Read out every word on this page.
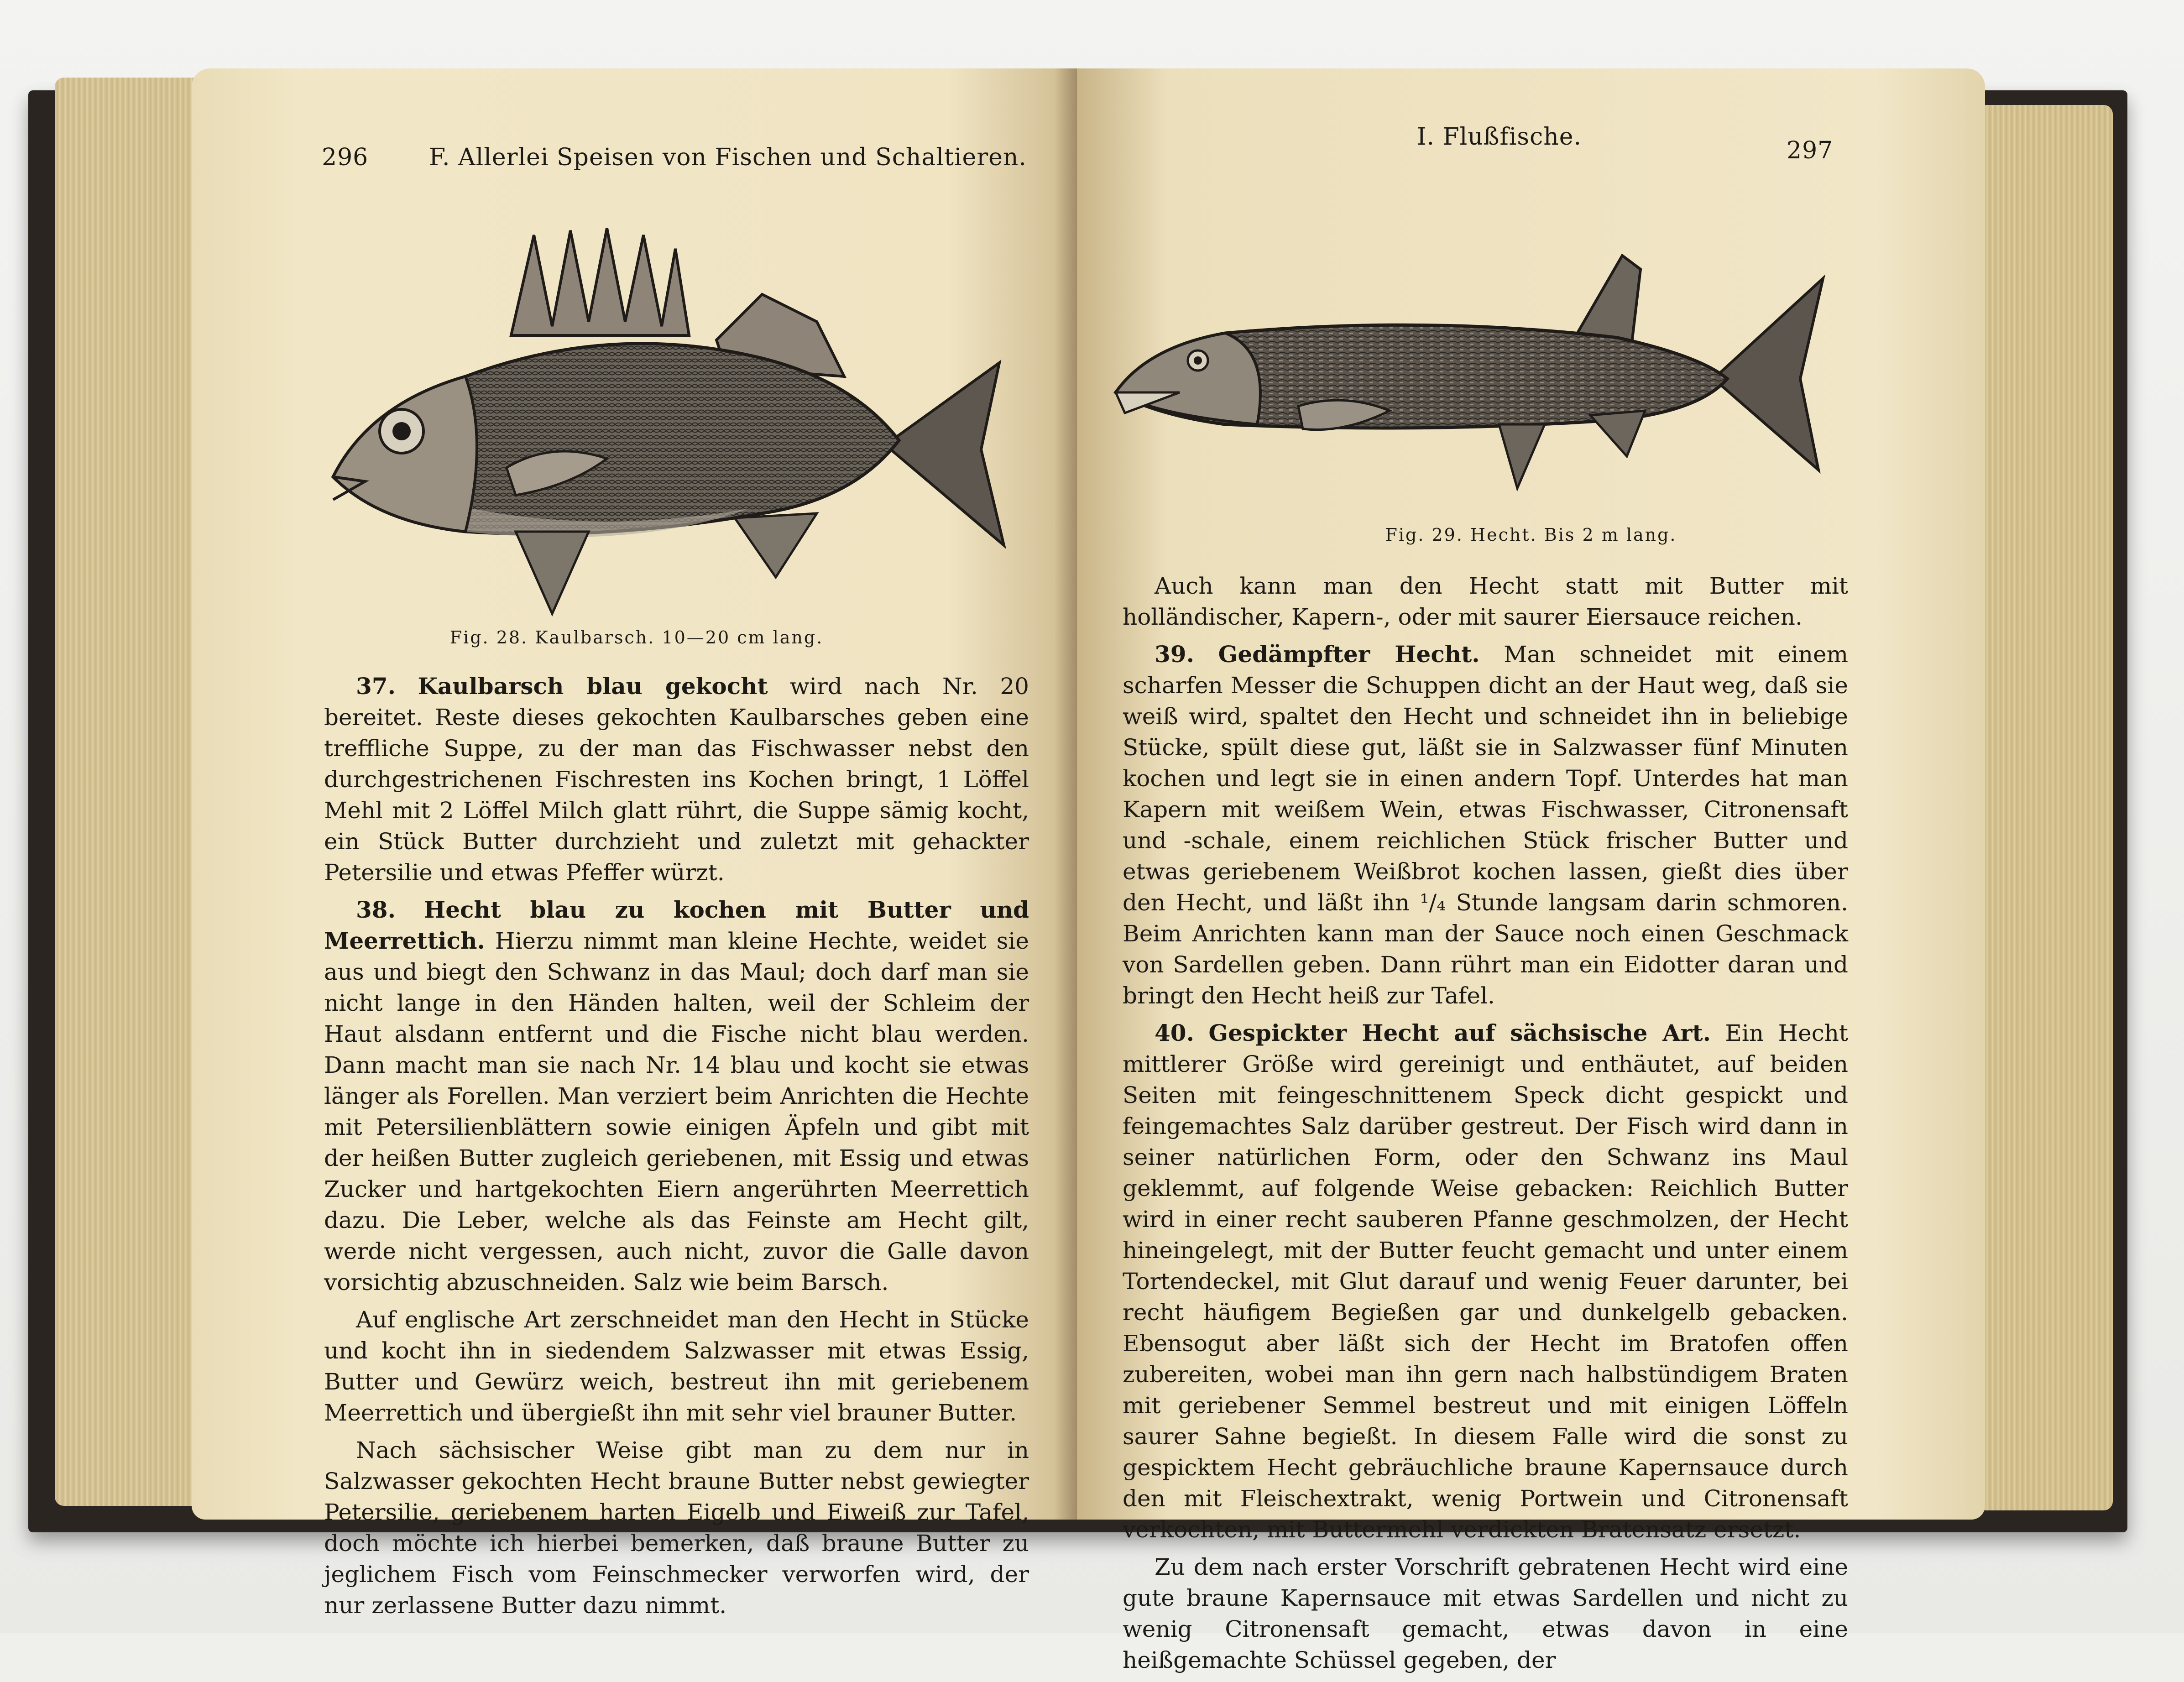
296	F. Allerlei Speisen von Fischen und Schaltieren.
Fig. 28. Kaulbarsch. 10—20 cm lang.

37. Kaulbarsch blau gekocht wird nach Nr. 20 bereitet. Reste dieses gekochten Kaulbarsches geben eine treffliche Suppe, zu der man das Fischwasser nebst den durchgestrichenen Fischresten ins Kochen bringt, 1 Löffel Mehl mit 2 Löffel Milch glatt rührt, die Suppe sämig kocht, ein Stück Butter durchzieht und zuletzt mit gehackter Petersilie und etwas Pfeffer würzt.

38. Hecht blau zu kochen mit Butter und Meerrettich. Hierzu nimmt man kleine Hechte, weidet sie aus und biegt den Schwanz in das Maul; doch darf man sie nicht lange in den Händen halten, weil der Schleim der Haut alsdann entfernt und die Fische nicht blau werden. Dann macht man sie nach Nr. 14 blau und kocht sie etwas länger als Forellen. Man verziert beim Anrichten die Hechte mit Petersilienblättern sowie einigen Äpfeln und gibt mit der heißen Butter zugleich geriebenen, mit Essig und etwas Zucker und hartgekochten Eiern angerührten Meerrettich dazu. Die Leber, welche als das Feinste am Hecht gilt, werde nicht vergessen, auch nicht, zuvor die Galle davon vorsichtig abzuschneiden. Salz wie beim Barsch.

Auf englische Art zerschneidet man den Hecht in Stücke und kocht ihn in siedendem Salzwasser mit etwas Essig, Butter und Gewürz weich, bestreut ihn mit geriebenem Meerrettich und übergießt ihn mit sehr viel brauner Butter.

Nach sächsischer Weise gibt man zu dem nur in Salzwasser gekochten Hecht braune Butter nebst gewiegter Petersilie, geriebenem harten Eigelb und Eiweiß zur Tafel, doch möchte ich hierbei bemerken, daß braune Butter zu jeglichem Fisch vom Feinschmecker verworfen wird, der nur zerlassene Butter dazu nimmt.

I. Flußfische.	297
Fig. 29. Hecht. Bis 2 m lang.

Auch kann man den Hecht statt mit Butter mit holländischer, Kapern-, oder mit saurer Eiersauce reichen.

39. Gedämpfter Hecht. Man schneidet mit einem scharfen Messer die Schuppen dicht an der Haut weg, daß sie weiß wird, spaltet den Hecht und schneidet ihn in beliebige Stücke, spült diese gut, läßt sie in Salzwasser fünf Minuten kochen und legt sie in einen andern Topf. Unterdes hat man Kapern mit weißem Wein, etwas Fischwasser, Citronensaft und -schale, einem reichlichen Stück frischer Butter und etwas geriebenem Weißbrot kochen lassen, gießt dies über den Hecht, und läßt ihn ¹/₄ Stunde langsam darin schmoren. Beim Anrichten kann man der Sauce noch einen Geschmack von Sardellen geben. Dann rührt man ein Eidotter daran und bringt den Hecht heiß zur Tafel.

40. Gespickter Hecht auf sächsische Art. Ein Hecht mittlerer Größe wird gereinigt und enthäutet, auf beiden Seiten mit feingeschnittenem Speck dicht gespickt und feingemachtes Salz darüber gestreut. Der Fisch wird dann in seiner natürlichen Form, oder den Schwanz ins Maul geklemmt, auf folgende Weise gebacken: Reichlich Butter wird in einer recht sauberen Pfanne geschmolzen, der Hecht hineingelegt, mit der Butter feucht gemacht und unter einem Tortendeckel, mit Glut darauf und wenig Feuer darunter, bei recht häufigem Begießen gar und dunkelgelb gebacken. Ebensogut aber läßt sich der Hecht im Bratofen offen zubereiten, wobei man ihn gern nach halbstündigem Braten mit geriebener Semmel bestreut und mit einigen Löffeln saurer Sahne begießt. In diesem Falle wird die sonst zu gespicktem Hecht gebräuchliche braune Kapernsauce durch den mit Fleischextrakt, wenig Portwein und Citronensaft verkochten, mit Buttermehl verdickten Bratensatz ersetzt.

Zu dem nach erster Vorschrift gebratenen Hecht wird eine gute braune Kapernsauce mit etwas Sardellen und nicht zu wenig Citronensaft gemacht, etwas davon in eine heißgemachte Schüssel gegeben, der
